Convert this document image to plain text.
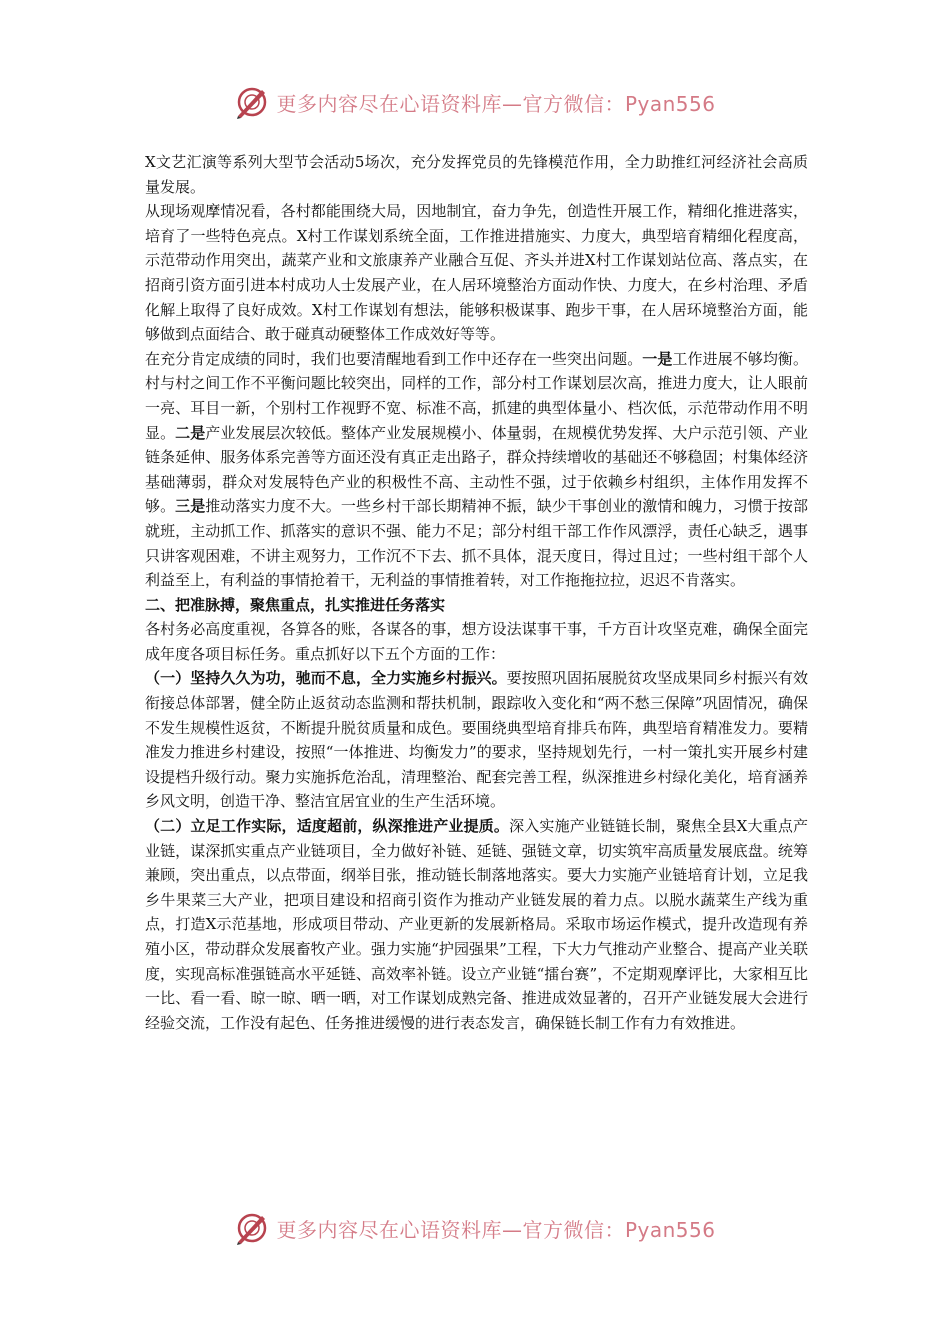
更多内容尽在心语资料库—官方微信：Pyan556

X文艺汇演等系列大型节会活动5场次，充分发挥党员的先锋模范作用，全力助推红河经济社会高质量发展。

从现场观摩情况看，各村都能围绕大局，因地制宜，奋力争先，创造性开展工作，精细化推进落实，培育了一些特色亮点。X村工作谋划系统全面，工作推进措施实、力度大，典型培育精细化程度高，示范带动作用突出，蔬菜产业和文旅康养产业融合互促、齐头并进X村工作谋划站位高、落点实，在招商引资方面引进本村成功人士发展产业，在人居环境整治方面动作快、力度大，在乡村治理、矛盾化解上取得了良好成效。X村工作谋划有想法，能够积极谋事、跑步干事，在人居环境整治方面，能够做到点面结合、敢于碰真动硬整体工作成效好等等。

在充分肯定成绩的同时，我们也要清醒地看到工作中还存在一些突出问题。一是工作进展不够均衡。村与村之间工作不平衡问题比较突出，同样的工作，部分村工作谋划层次高，推进力度大，让人眼前一亮、耳目一新，个别村工作视野不宽、标准不高，抓建的典型体量小、档次低，示范带动作用不明显。二是产业发展层次较低。整体产业发展规模小、体量弱，在规模优势发挥、大户示范引领、产业链条延伸、服务体系完善等方面还没有真正走出路子，群众持续增收的基础还不够稳固；村集体经济基础薄弱，群众对发展特色产业的积极性不高、主动性不强，过于依赖乡村组织，主体作用发挥不够。三是推动落实力度不大。一些乡村干部长期精神不振，缺少干事创业的激情和魄力，习惯于按部就班，主动抓工作、抓落实的意识不强、能力不足；部分村组干部工作作风漂浮，责任心缺乏，遇事只讲客观困难，不讲主观努力，工作沉不下去、抓不具体，混天度日，得过且过；一些村组干部个人利益至上，有利益的事情抢着干，无利益的事情推着转，对工作拖拖拉拉，迟迟不肯落实。

二、把准脉搏，聚焦重点，扎实推进任务落实

各村务必高度重视，各算各的账，各谋各的事，想方设法谋事干事，千方百计攻坚克难，确保全面完成年度各项目标任务。重点抓好以下五个方面的工作：

（一）坚持久久为功，驰而不息，全力实施乡村振兴。要按照巩固拓展脱贫攻坚成果同乡村振兴有效衔接总体部署，健全防止返贫动态监测和帮扶机制，跟踪收入变化和“两不愁三保障”巩固情况，确保不发生规模性返贫，不断提升脱贫质量和成色。要围绕典型培育排兵布阵，典型培育精准发力。要精准发力推进乡村建设，按照“一体推进、均衡发力”的要求，坚持规划先行，一村一策扎实开展乡村建设提档升级行动。聚力实施拆危治乱，清理整治、配套完善工程，纵深推进乡村绿化美化，培育涵养乡风文明，创造干净、整洁宜居宜业的生产生活环境。

（二）立足工作实际，适度超前，纵深推进产业提质。深入实施产业链链长制，聚焦全县X大重点产业链，谋深抓实重点产业链项目，全力做好补链、延链、强链文章，切实筑牢高质量发展底盘。统筹兼顾，突出重点，以点带面，纲举目张，推动链长制落地落实。要大力实施产业链培育计划，立足我乡牛果菜三大产业，把项目建设和招商引资作为推动产业链发展的着力点。以脱水蔬菜生产线为重点，打造X示范基地，形成项目带动、产业更新的发展新格局。采取市场运作模式，提升改造现有养殖小区，带动群众发展畜牧产业。强力实施“护园强果”工程，下大力气推动产业整合、提高产业关联度，实现高标准强链高水平延链、高效率补链。设立产业链“擂台赛”，不定期观摩评比，大家相互比一比、看一看、晾一晾、晒一晒，对工作谋划成熟完备、推进成效显著的，召开产业链发展大会进行经验交流，工作没有起色、任务推进缓慢的进行表态发言，确保链长制工作有力有效推进。

更多内容尽在心语资料库—官方微信：Pyan556
